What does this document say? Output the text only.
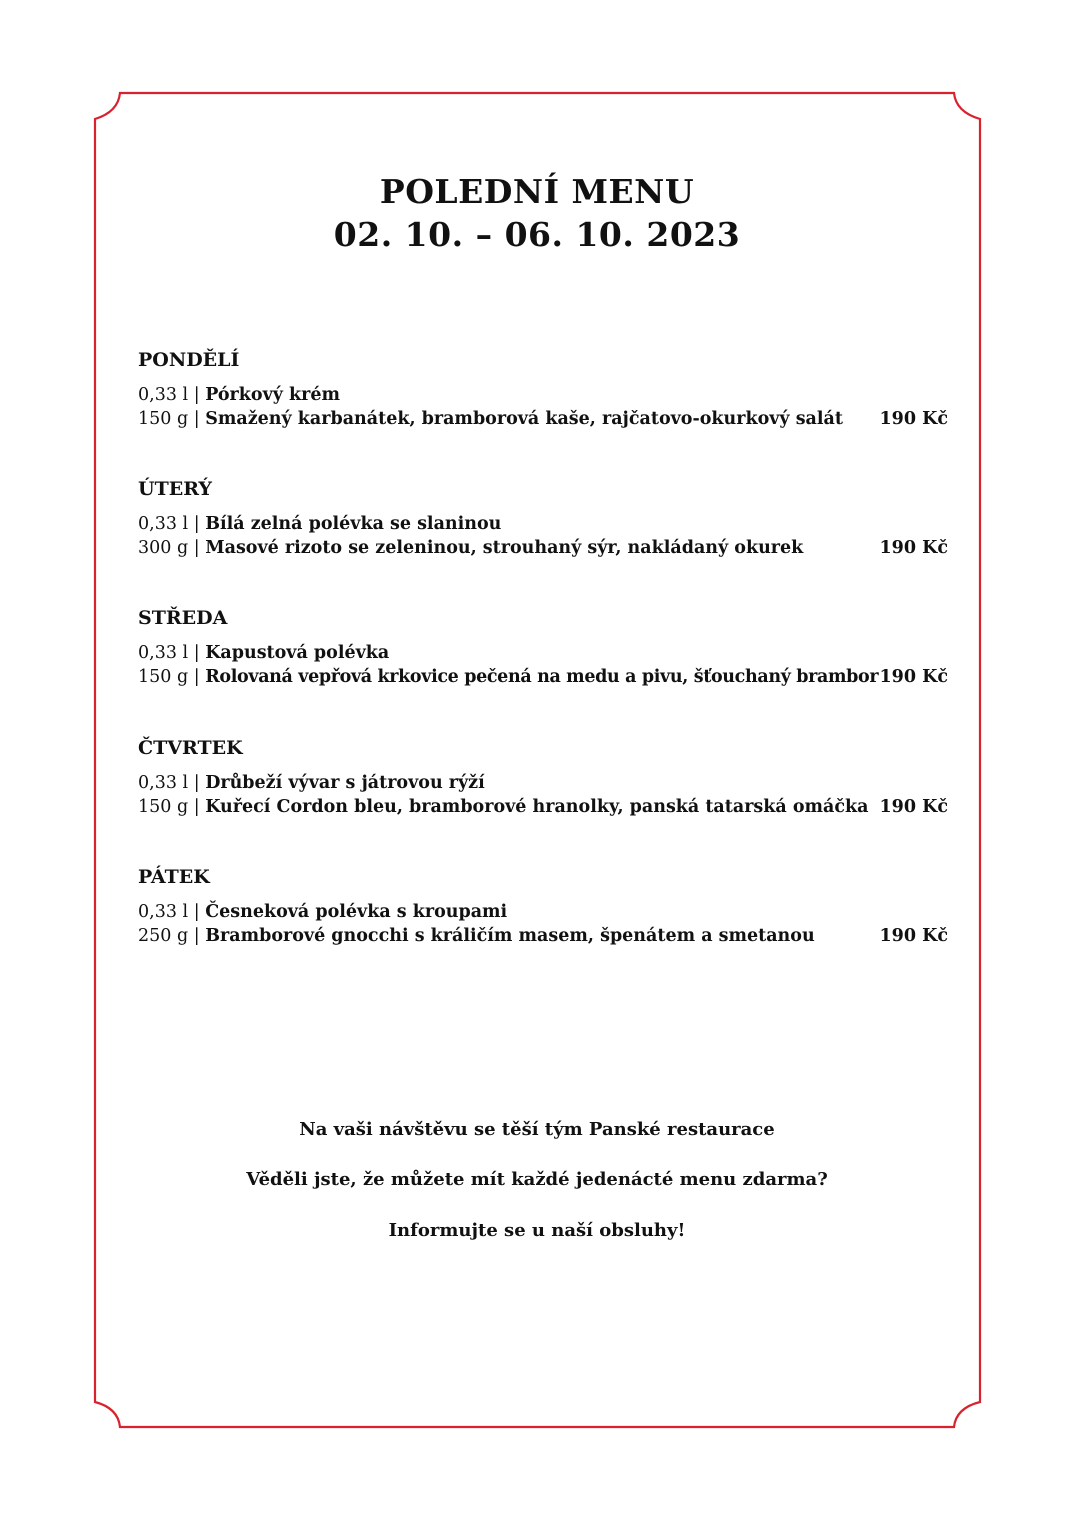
POLEDNÍ MENU
02. 10. – 06. 10. 2023
PONDĚLÍ
0,33 l | Pórkový krém
150 g | Smažený karbanátek, bramborová kaše, rajčatovo-okurkový salát 190 Kč
ÚTERÝ
0,33 l | Bílá zelná polévka se slaninou
300 g | Masové rizoto se zeleninou, strouhaný sýr, nakládaný okurek	190 Kč
STŘEDA
0,33 l | Kapustová polévka
150 g | Rolovaná vepřová krkovice pečená na medu a pivu, šťouchaný brambor 190 Kč
ČTVRTEK
0,33 l | Drůbeží vývar s játrovou rýží
150 g | Kuřecí Cordon bleu, bramborové hranolky, panská tatarská omáčka 190 Kč
PÁTEK
0,33 l | Česneková polévka s kroupami
250 g | Bramborové gnocchi s králičím masem, špenátem a smetanou	190 Kč
Na vaši návštěvu se těší tým Panské restaurace
Věděli jste, že můžete mít každé jedenácté menu zdarma?
Informujte se u naší obsluhy!
